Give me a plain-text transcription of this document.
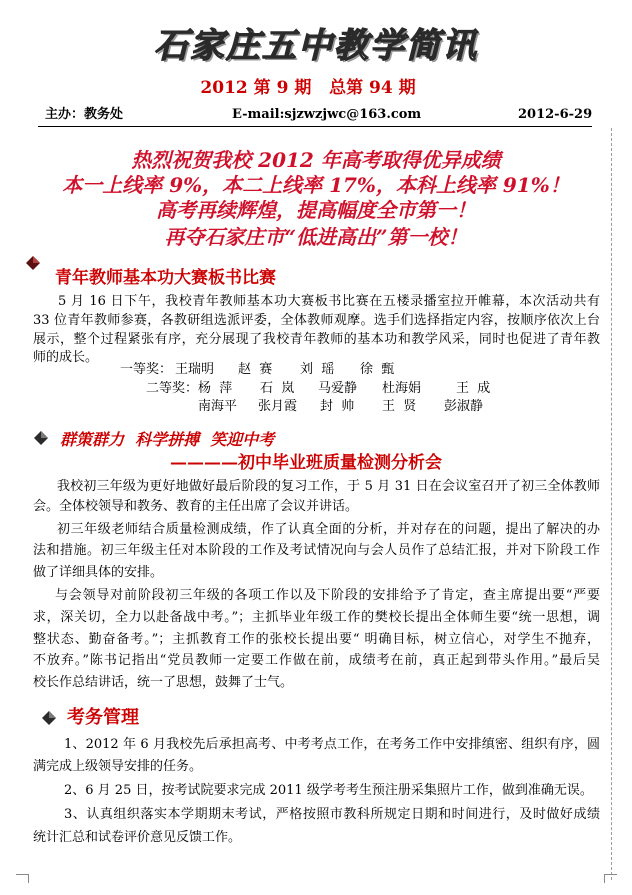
石家庄五中教学简讯
2012 第 9 期   总第 94 期
主办：教务处	E-mail:sjzwzjwc@163.com	2012-6-29
热烈祝贺我校 2012 年高考取得优异成绩
本一上线率 9%，本二上线率 17%，本科上线率 91%！
高考再续辉煌，提高幅度全市第一！
再夺石家庄市“低进高出”第一校！
青年教师基本功大赛板书比赛
5 月 16 日下午，我校青年教师基本功大赛板书比赛在五楼录播室拉开帷幕，本次活动共有
33 位青年教师参赛，各教研组选派评委，全体教师观摩。选手们选择指定内容，按顺序依次上台
展示，整个过程紧张有序，充分展现了我校青年教师的基本功和教学风采，同时也促进了青年教
师的成长。
一等奖： 王瑞明 赵  赛 刘  瑶 徐  甄
二等奖： 杨  萍 石  岚 马爱静 杜海娟	王  成
南海平 张月霞 封  帅 王  贤 彭淑静
群策群力  科学拼搏  笑迎中考
————初中毕业班质量检测分析会
我校初三年级为更好地做好最后阶段的复习工作，于 5 月 31 日在会议室召开了初三全体教师
会。全体校领导和教务、教育的主任出席了会议并讲话。
初三年级老师结合质量检测成绩，作了认真全面的分析，并对存在的问题，提出了解决的办
法和措施。初三年级主任对本阶段的工作及考试情况向与会人员作了总结汇报，并对下阶段工作
做了详细具体的安排。
与会领导对前阶段初三年级的各项工作以及下阶段的安排给予了肯定，查主席提出要“严要
求，深关切，全力以赴备战中考。”；主抓毕业年级工作的樊校长提出全体师生要“统一思想，调
整状态、勤奋备考。”；主抓教育工作的张校长提出要“ 明确目标，树立信心，对学生不抛弃，
不放弃。”陈书记指出“党员教师一定要工作做在前，成绩考在前，真正起到带头作用。”最后吴
校长作总结讲话，统一了思想，鼓舞了士气。
考务管理
1、2012 年 6 月我校先后承担高考、中考考点工作，在考务工作中安排缜密、组织有序，圆
满完成上级领导安排的任务。
2、6 月 25 日，按考试院要求完成 2011 级学考考生预注册采集照片工作，做到准确无误。
3、认真组织落实本学期期末考试，严格按照市教科所规定日期和时间进行，及时做好成绩
统计汇总和试卷评价意见反馈工作。
